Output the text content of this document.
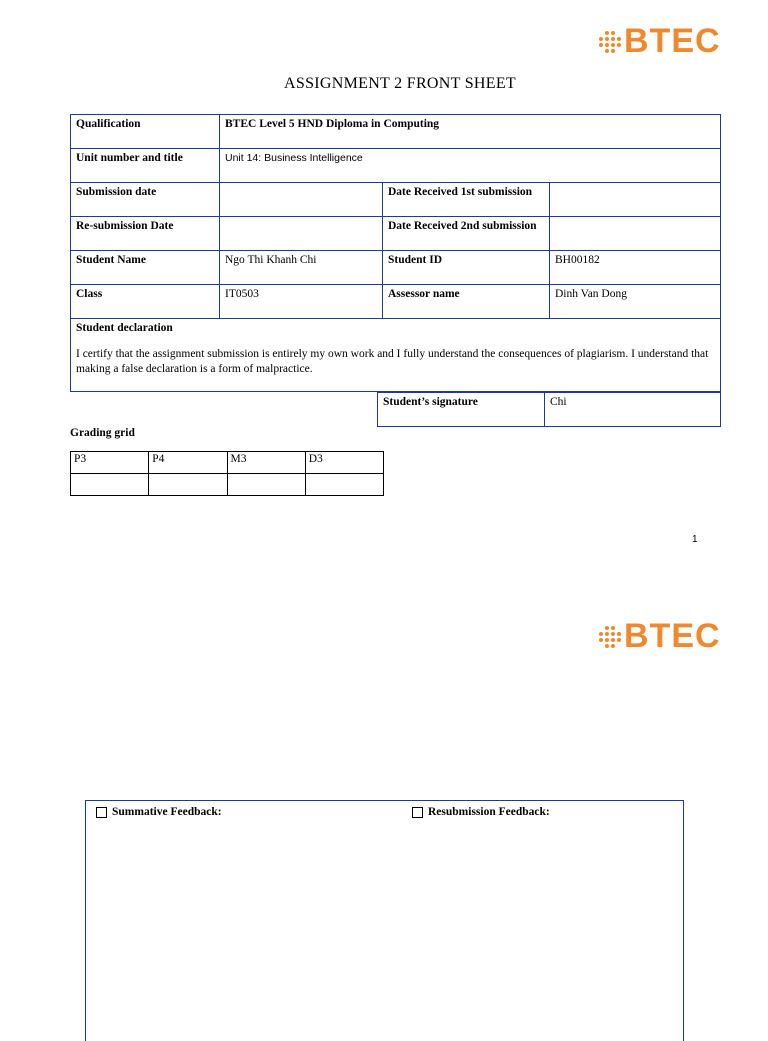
BTEC
ASSIGNMENT 2 FRONT SHEET
Qualification	BTEC Level 5 HND Diploma in Computing		
Unit number and title	Unit 14: Business Intelligence		
Submission date		Date Received 1st submission	
Re-submission Date		Date Received 2nd submission	
Student Name	Ngo Thi Khanh Chi	Student ID	BH00182
Class	IT0503	Assessor name	Dinh Van Dong

Student declaration
I certify that the assignment submission is entirely my own work and I fully understand the consequences of plagiarism. I understand that making a false declaration is a form of malpractice.			
Student’s signature	Chi
Grading grid
P3	P4	M3	D3

1
BTEC
Summative Feedback:	Resubmission Feedback:
